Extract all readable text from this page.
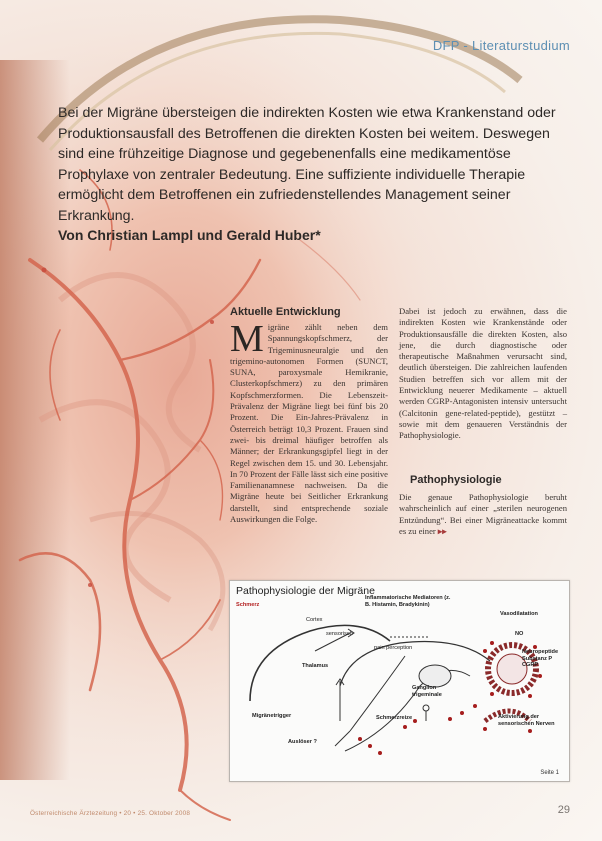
DFP - Literaturstudium

Bei der Migräne übersteigen die indirekten Kosten wie etwa Krankenstand oder Produktionsausfall des Betroffenen die direkten Kosten bei weitem. Deswegen sind eine frühzeitige Diagnose und gegebenenfalls eine medikamentöse Prophylaxe von zentraler Bedeutung. Eine suffiziente individuelle Therapie ermöglicht dem Betroffenen ein zufriedenstellendes Management seiner Erkrankung.

Von Christian Lampl und Gerald Huber*

Aktuelle Entwicklung
M igräne zählt neben dem Spannungskopfschmerz, der Trigeminusneuralgie und den trigemino-autonomen Formen (SUNCT, SUNA, paroxysmale Hemikranie, Clusterkopfschmerz) zu den primären Kopfschmerzformen. Die Lebenszeit-Prävalenz der Migräne liegt bei fünf bis 20 Prozent. Die Ein-Jahres-Prävalenz in Österreich beträgt 10,3 Prozent. Frauen sind zwei- bis dreimal häufiger betroffen als Männer; der Erkrankungsgipfel liegt in der Regel zwischen dem 15. und 30. Lebensjahr. In 70 Prozent der Fälle lässt sich eine positive Familienanamnese nachweisen. Da die Migräne heute bei Seitlicher Erkrankung darstellt, sind entsprechende soziale Auswirkungen die Folge.
Dabei ist jedoch zu erwähnen, dass die indirekten Kosten wie Krankenstände oder Produktionsausfälle die direkten Kosten, also jene, die durch diagnostische oder therapeutische Maßnahmen verursacht sind, deutlich übersteigen. Die zahlreichen laufenden Studien betreffen sich vor allem mit der Entwicklung neuerer Medikamente – aktuell werden CGRP-Antagonisten intensiv untersucht (Calcitonin gene-related-peptide), gestützt – sowie mit dem genaueren Verständnis der Pathophysiologie.
Pathophysiologie
Die genaue Pathophysiologie beruht wahrscheinlich auf einer „sterilen neurogenen Entzündung“. Bei einer Migräneattacke kommt es zu einer ▸▸
Pathophysiologie der Migräne
Schmerz
Inflammatorische Mediatoren (z. B. Histamin, Bradykinin)
Vasodilatation
Cortex
sensorisch
pain perception
NO
Thalamus
Neuropeptide Substanz P CGRP
Ganglion trigeminale
Migränetrigger	Schmerzreize	Aktivierung der sensorischen Nerven
Auslöser ?
Seite 1
Österreichische Ärztezeitung • 20 • 25. Oktober 2008	29
